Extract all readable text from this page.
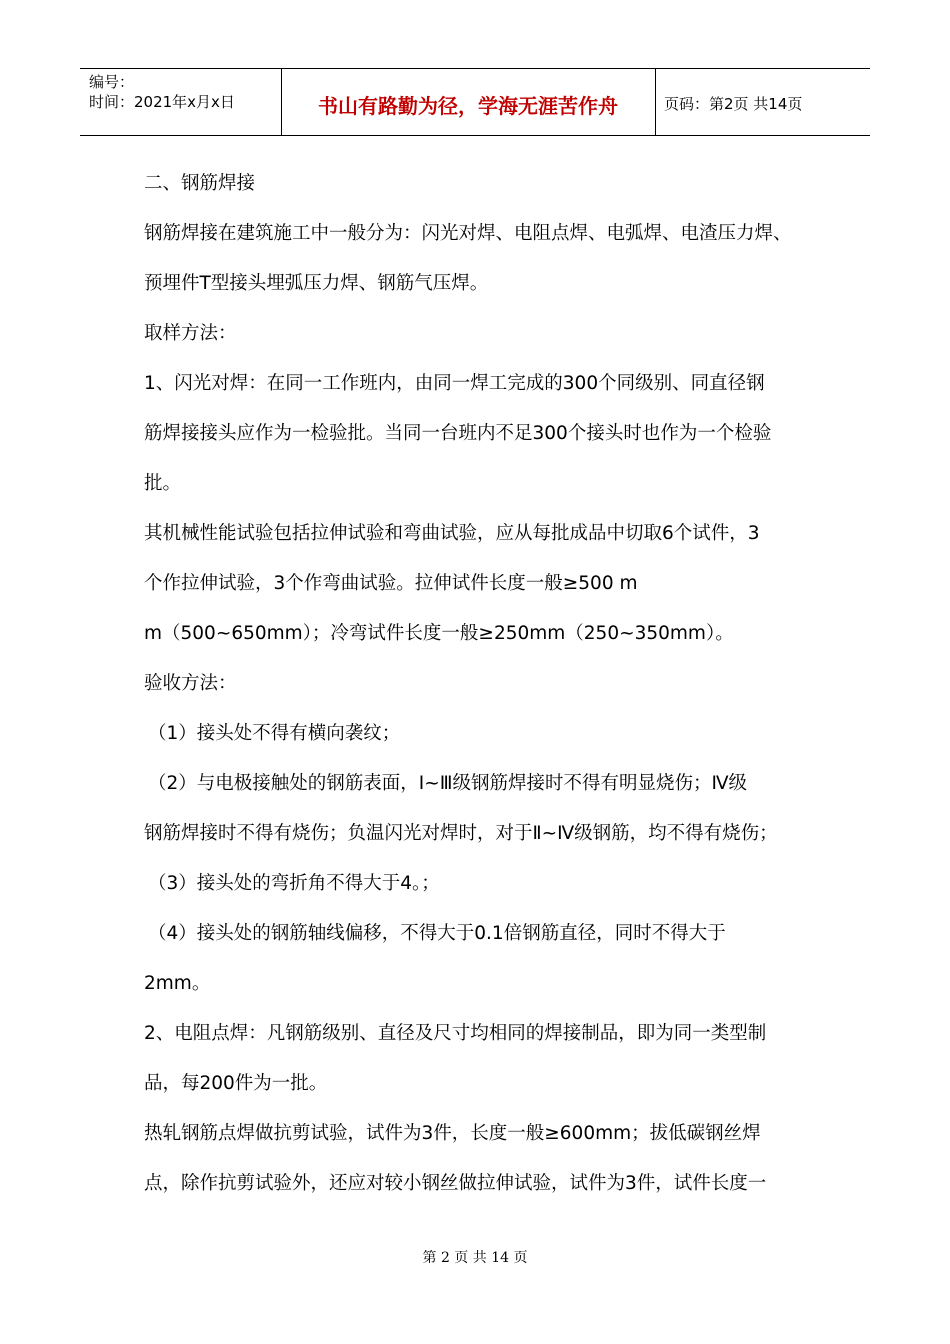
编号：
时间：2021年x月x日	书山有路勤为径，学海无涯苦作舟	页码：第2页 共14页
二、钢筋焊接
钢筋焊接在建筑施工中一般分为：闪光对焊、电阻点焊、电弧焊、电渣压力焊、
预埋件T型接头埋弧压力焊、钢筋气压焊。
取样方法：
1、闪光对焊：在同一工作班内，由同一焊工完成的300个同级别、同直径钢
筋焊接接头应作为一检验批。当同一台班内不足300个接头时也作为一个检验
批。
其机械性能试验包括拉伸试验和弯曲试验，应从每批成品中切取6个试件，3
个作拉伸试验，3个作弯曲试验。拉伸试件长度一般≥500 m
m（500~650mm）；冷弯试件长度一般≥250mm（250~350mm）。
验收方法：
（1）接头处不得有横向袭纹；
（2）与电极接触处的钢筋表面，Ⅰ~Ⅲ级钢筋焊接时不得有明显烧伤；Ⅳ级
钢筋焊接时不得有烧伤；负温闪光对焊时，对于Ⅱ~Ⅳ级钢筋，均不得有烧伤；
（3）接头处的弯折角不得大于4。；
（4）接头处的钢筋轴线偏移，不得大于0.1倍钢筋直径，同时不得大于
2mm。
2、电阻点焊：凡钢筋级别、直径及尺寸均相同的焊接制品，即为同一类型制
品，每200件为一批。
热轧钢筋点焊做抗剪试验，试件为3件，长度一般≥600mm；拔低碳钢丝焊
点，除作抗剪试验外，还应对较小钢丝做拉伸试验，试件为3件，试件长度一
第 2 页 共 14 页
